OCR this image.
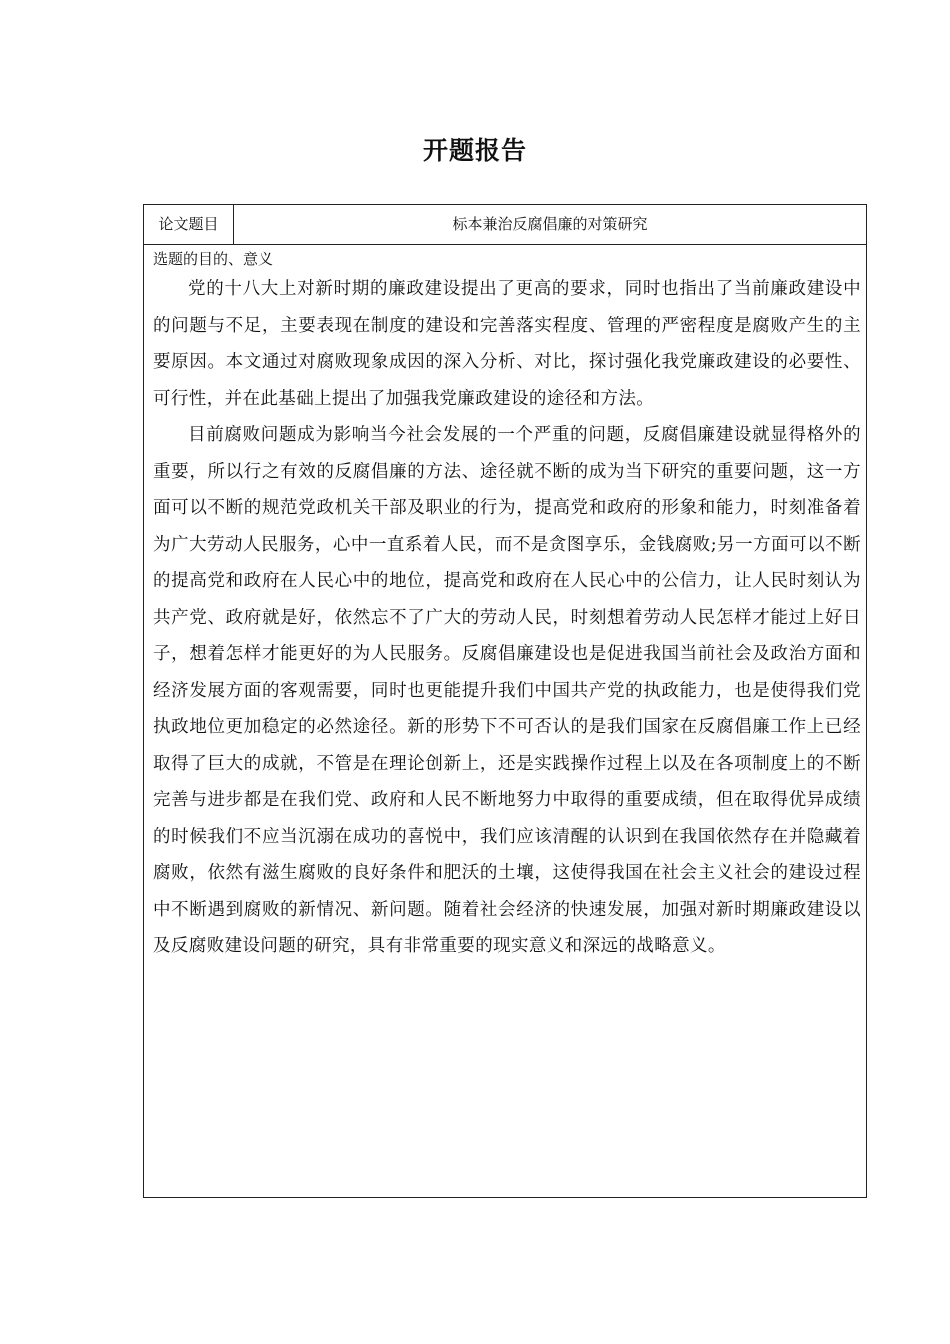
开题报告
论文题目	标本兼治反腐倡廉的对策研究

选题的目的、意义

党的十八大上对新时期的廉政建设提出了更高的要求，同时也指出了当前廉政建设中的问题与不足，主要表现在制度的建设和完善落实程度、管理的严密程度是腐败产生的主要原因。本文通过对腐败现象成因的深入分析、对比，探讨强化我党廉政建设的必要性、可行性，并在此基础上提出了加强我党廉政建设的途径和方法。

目前腐败问题成为影响当今社会发展的一个严重的问题，反腐倡廉建设就显得格外的重要，所以行之有效的反腐倡廉的方法、途径就不断的成为当下研究的重要问题，这一方面可以不断的规范党政机关干部及职业的行为，提高党和政府的形象和能力，时刻准备着为广大劳动人民服务，心中一直系着人民，而不是贪图享乐，金钱腐败;另一方面可以不断的提高党和政府在人民心中的地位，提高党和政府在人民心中的公信力，让人民时刻认为共产党、政府就是好，依然忘不了广大的劳动人民，时刻想着劳动人民怎样才能过上好日子，想着怎样才能更好的为人民服务。反腐倡廉建设也是促进我国当前社会及政治方面和经济发展方面的客观需要，同时也更能提升我们中国共产党的执政能力，也是使得我们党执政地位更加稳定的必然途径。新的形势下不可否认的是我们国家在反腐倡廉工作上已经取得了巨大的成就，不管是在理论创新上，还是实践操作过程上以及在各项制度上的不断完善与进步都是在我们党、政府和人民不断地努力中取得的重要成绩，但在取得优异成绩的时候我们不应当沉溺在成功的喜悦中，我们应该清醒的认识到在我国依然存在并隐藏着腐败，依然有滋生腐败的良好条件和肥沃的土壤，这使得我国在社会主义社会的建设过程中不断遇到腐败的新情况、新问题。随着社会经济的快速发展，加强对新时期廉政建设以及反腐败建设问题的研究，具有非常重要的现实意义和深远的战略意义。
